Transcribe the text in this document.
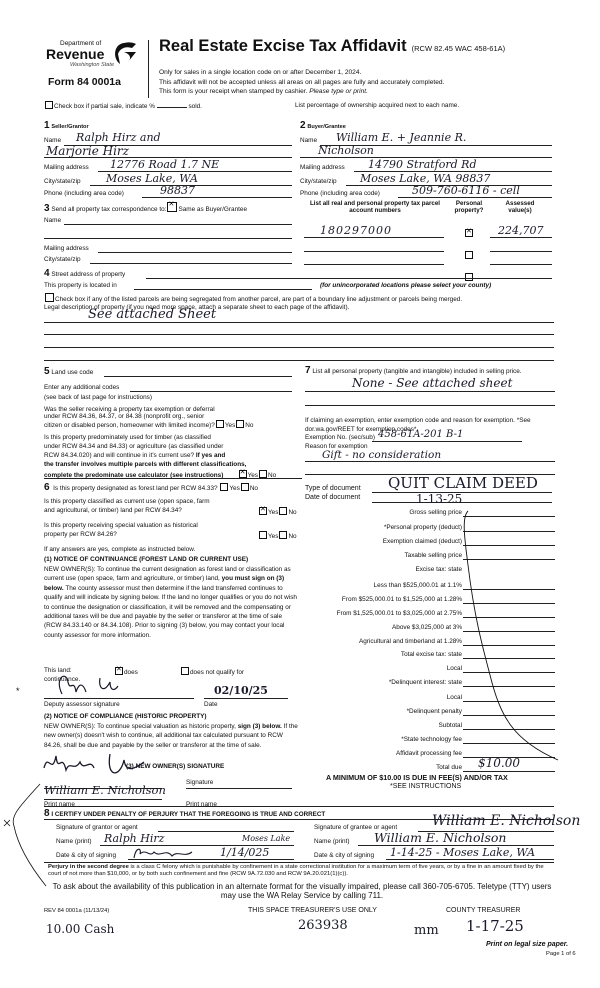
Department of
Revenue
Washington State
Form 84 0001a
Real Estate Excise Tax Affidavit (RCW 82.45 WAC 458-61A)
Only for sales in a single location code on or after December 1, 2024.
This affidavit will not be accepted unless all areas on all pages are fully and accurately completed.
This form is your receipt when stamped by cashier. Please type or print.
Check box if partial sale, indicate %	sold.	List percentage of ownership acquired next to each name.
1 Seller/Grantor
Name Ralph Hirz and
Marjorie Hirz
Mailing address 12776 Road 1.7 NE
City/state/zip Moses Lake, WA
Phone (including area code)	98837
2 Buyer/Grantee
Name William E. + Jeannie R.
Nicholson
Mailing address 14790 Stratford Rd
City/state/zip Moses Lake, WA 98837
Phone (including area code)	509-760-6116 - cell
3 Send all property tax correspondence to: ✕ Same as Buyer/Grantee
Name
Mailing address
City/state/zip
List all real and personal property tax parcel account numbers
Personal property?
Assessed value(s)
180297000 ✕	224,707
4 Street address of property
This property is located in	(for unincorporated locations please select your county)
Check box if any of the listed parcels are being segregated from another parcel, are part of a boundary line adjustment or parcels being merged.
Legal description of property (if you need more space, attach a separate sheet to each page of the affidavit).
See attached Sheet
5 Land use code
Enter any additional codes
(see back of last page for instructions)
Was the seller receiving a property tax exemption or deferral
under RCW 84.36, 84.37, or 84.38 (nonprofit org., senior
citizen or disabled person, homeowner with limited income)? Yes No
Is this property predominately used for timber (as classified
under RCW 84.34 and 84.33) or agriculture (as classified under
RCW 84.34.020) and will continue in it's current use? If yes and
the transfer involves multiple parcels with different classifications,
complete the predominate use calculator (see instructions) ✕	Yes No
6 Is this property designated as forest land per RCW 84.33? Yes No
Is this property classified as current use (open space, farm
and agricultural, or timber) land per RCW 84.34? ✕	Yes No
Is this property receiving special valuation as historical
property per RCW 84.26?	Yes No
If any answers are yes, complete as instructed below.
(1) NOTICE OF CONTINUANCE (FOREST LAND OR CURRENT USE)
NEW OWNER(S): To continue the current designation as forest land or classification as current use (open space, farm and agriculture, or timber) land, you must sign on (3) below. The county assessor must then determine if the land transferred continues to qualify and will indicate by signing below. If the land no longer qualifies or you do not wish to continue the designation or classification, it will be removed and the compensating or additional taxes will be due and payable by the seller or transferor at the time of sale (RCW 84.33.140 or 84.34.108). Prior to signing (3) below, you may contact your local county assessor for more information.
This land: ✕	does	does not qualify for
continuance.
*	02/10/25
Deputy assessor signature	Date
(2) NOTICE OF COMPLIANCE (HISTORIC PROPERTY)
NEW OWNER(S): To continue special valuation as historic property, sign (3) below. If the new owner(s) doesn't wish to continue, all additional tax calculated pursuant to RCW 84.26, shall be due and payable by the seller or transferor at the time of sale.
(3) NEW OWNER(S) SIGNATURE
Signature
William E. Nicholson
Print name	Print name
7 List all personal property (tangible and intangible) included in selling price.
None - See attached sheet
If claiming an exemption, enter exemption code and reason for exemption. *See dor.wa.gov/REET for exemption codes*
Exemption No. (sec/sub) 458-61A-201 B-1
Reason for exemption
Gift - no consideration
Type of document QUIT CLAIM DEED
Date of document	1-13-25
Gross selling price
*Personal property (deduct)
Exemption claimed (deduct)
Taxable selling price
Excise tax: state
Less than $525,000.01 at 1.1%
From $525,000.01 to $1,525,000 at 1.28%
From $1,525,000.01 to $3,025,000 at 2.75%
Above $3,025,000 at 3%
Agricultural and timberland at 1.28%
Total excise tax: state
Local
*Delinquent interest: state
Local
*Delinquent penalty
Subtotal
*State technology fee
Affidavit processing fee
Total due $10.00
A MINIMUM OF $10.00 IS DUE IN FEE(S) AND/OR TAX
*SEE INSTRUCTIONS
8 I CERTIFY UNDER PENALTY OF PERJURY THAT THE FOREGOING IS TRUE AND CORRECT
Signature of grantor or agent
Name (print) Ralph Hirz	Moses Lake
Date & city of signing	1/14/025
Signature of grantee or agent William E. Nicholson
Name (print) William E. Nicholson
Date & city of signing 1-14-25 - Moses Lake, WA
Perjury in the second degree is a class C felony which is punishable by confinement in a state correctional institution for a maximum term of five years, or by a fine in an amount fixed by the court of not more than $10,000, or by both such confinement and fine (RCW 9A.72.030 and RCW 9A.20.021(1)(c)).
To ask about the availability of this publication in an alternate format for the visually impaired, please call 360-705-6705. Teletype (TTY) users may use the WA Relay Service by calling 711.
REV 84 0001a (11/13/24)	THIS SPACE TREASURER'S USE ONLY	COUNTY TREASURER
10.00 Cash	263938	mm 1-17-25
Print on legal size paper.
Page 1 of 6
